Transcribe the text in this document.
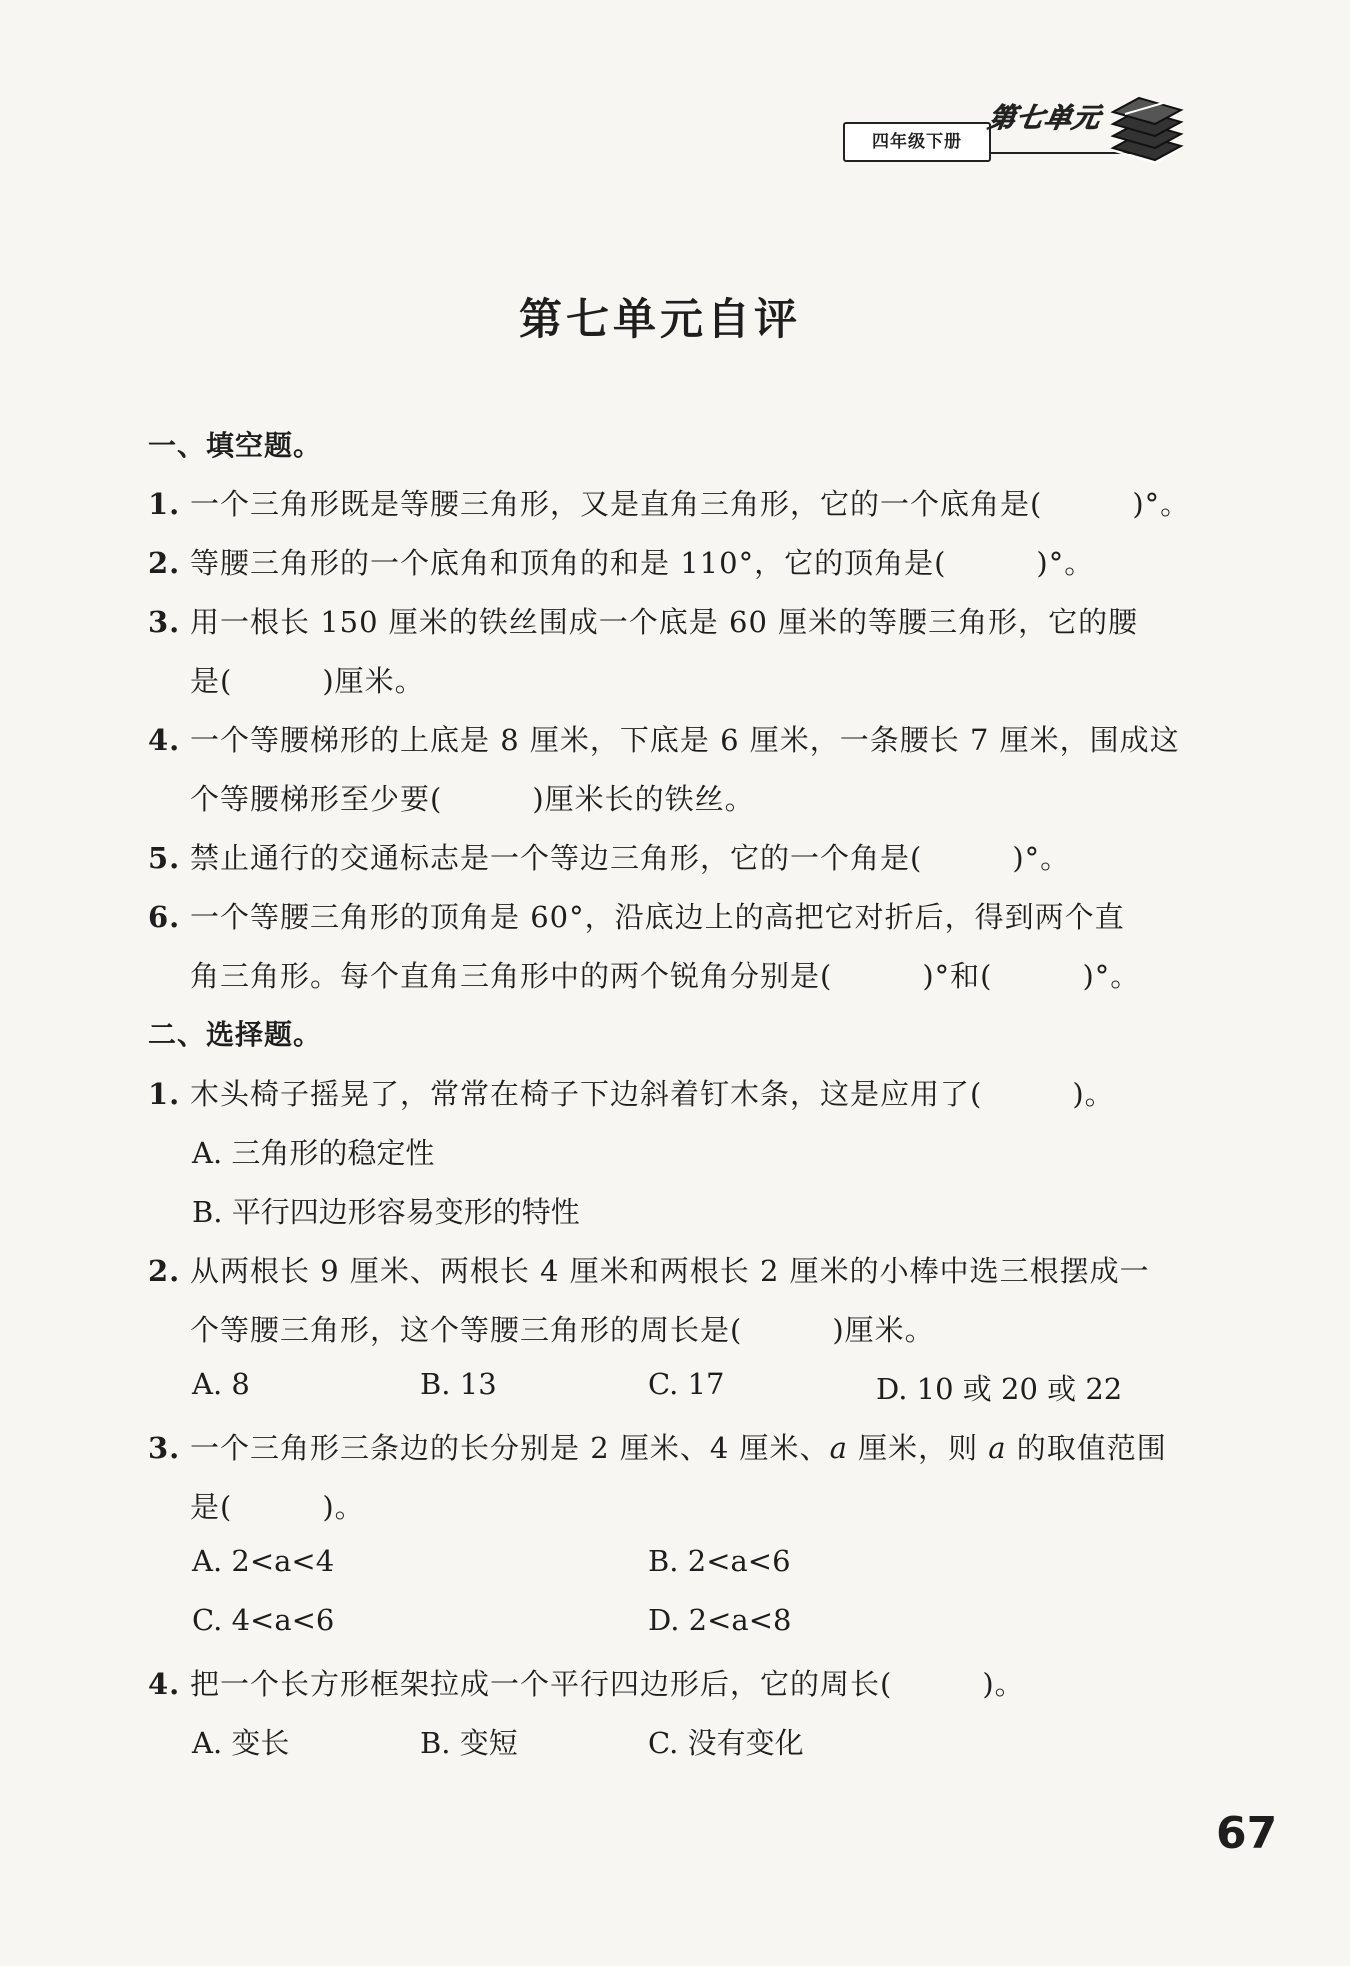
四年级下册
第七单元
第七单元自评
一、填空题。
1. 一个三角形既是等腰三角形，又是直角三角形，它的一个底角是(　　　)°。
2. 等腰三角形的一个底角和顶角的和是 110°，它的顶角是(　　　)°。
3. 用一根长 150 厘米的铁丝围成一个底是 60 厘米的等腰三角形，它的腰
是(　　　)厘米。
4. 一个等腰梯形的上底是 8 厘米，下底是 6 厘米，一条腰长 7 厘米，围成这
个等腰梯形至少要(　　　)厘米长的铁丝。
5. 禁止通行的交通标志是一个等边三角形，它的一个角是(　　　)°。
6. 一个等腰三角形的顶角是 60°，沿底边上的高把它对折后，得到两个直
角三角形。每个直角三角形中的两个锐角分别是(　　　)°和(　　　)°。
二、选择题。
1. 木头椅子摇晃了，常常在椅子下边斜着钉木条，这是应用了(　　　)。
A. 三角形的稳定性
B. 平行四边形容易变形的特性
2. 从两根长 9 厘米、两根长 4 厘米和两根长 2 厘米的小棒中选三根摆成一
个等腰三角形，这个等腰三角形的周长是(　　　)厘米。
A. 8	B. 13	C. 17	D. 10 或 20 或 22
3. 一个三角形三条边的长分别是 2 厘米、4 厘米、a 厘米，则 a 的取值范围
是(　　　)。
A. 2<a<4	B. 2<a<6
C. 4<a<6	D. 2<a<8
4. 把一个长方形框架拉成一个平行四边形后，它的周长(　　　)。
A. 变长	B. 变短	C. 没有变化
67
